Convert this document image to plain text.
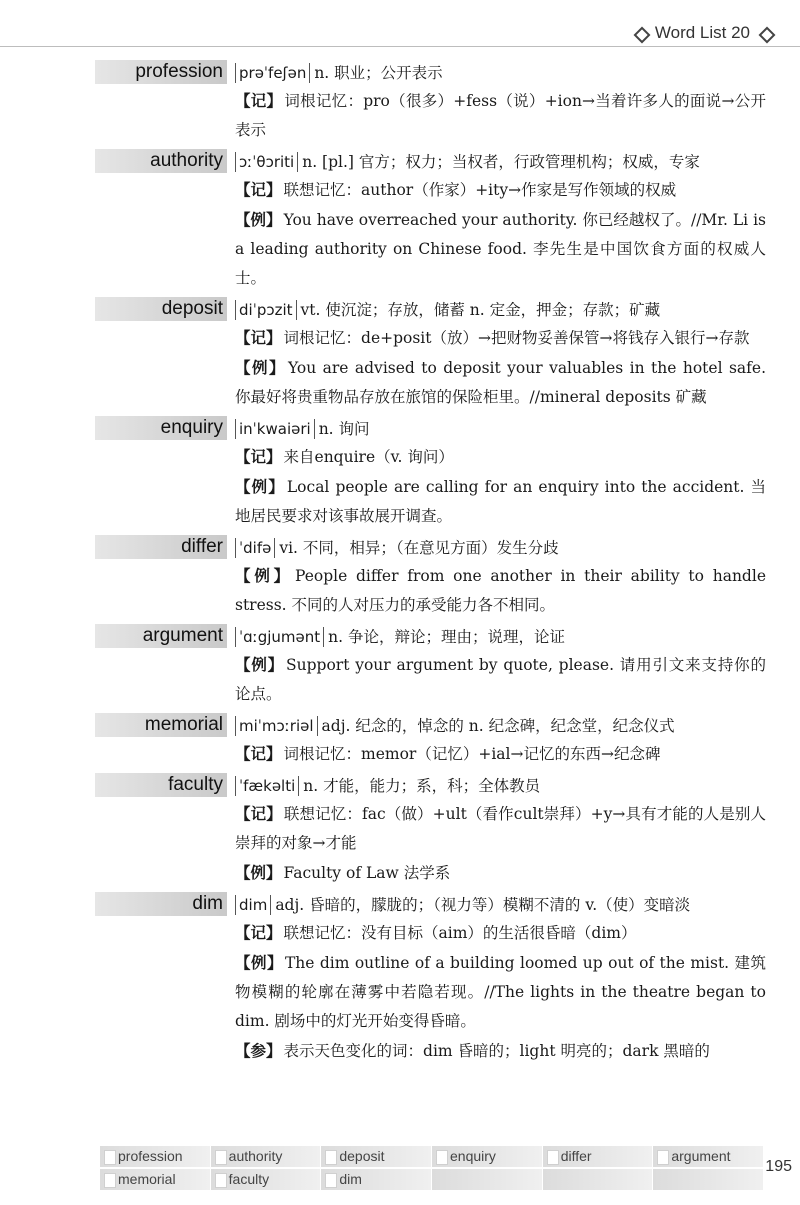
Word List 20
profession prəˈfeʃən n. 职业；公开表示
【记】 词根记忆：pro（很多）+fess（说）+ion→当着许多人的面说→公开表示
authority ɔːˈθɔriti n. [pl.] 官方；权力；当权者，行政管理机构；权威，专家
【记】 联想记忆：author（作家）+ity→作家是写作领域的权威
【例】 You have overreached your authority. 你已经越权了。//Mr. Li is a leading authority on Chinese food. 李先生是中国饮食方面的权威人士。
deposit diˈpɔzit vt. 使沉淀；存放，储蓄 n. 定金，押金；存款；矿藏
【记】 词根记忆：de+posit（放）→把财物妥善保管→将钱存入银行→存款
【例】 You are advised to deposit your valuables in the hotel safe. 你最好将贵重物品存放在旅馆的保险柜里。//mineral deposits 矿藏
enquiry inˈkwaiəri n. 询问
【记】 来自enquire（v. 询问）
【例】 Local people are calling for an enquiry into the accident. 当地居民要求对该事故展开调查。
differ ˈdifə vi. 不同，相异；（在意见方面）发生分歧
【例】 People differ from one another in their ability to handle stress. 不同的人对压力的承受能力各不相同。
argument ˈɑːgjumənt n. 争论，辩论；理由；说理，论证
【例】 Support your argument by quote, please. 请用引文来支持你的论点。
memorial miˈmɔːriəl adj. 纪念的，悼念的 n. 纪念碑，纪念堂，纪念仪式
【记】 词根记忆：memor（记忆）+ial→记忆的东西→纪念碑
faculty ˈfækəlti n. 才能，能力；系，科；全体教员
【记】 联想记忆：fac（做）+ult（看作cult崇拜）+y→具有才能的人是别人崇拜的对象→才能
【例】 Faculty of Law 法学系
dim dim adj. 昏暗的，朦胧的；（视力等）模糊不清的 v.（使）变暗淡
【记】 联想记忆：没有目标（aim）的生活很昏暗（dim）
【例】 The dim outline of a building loomed up out of the mist. 建筑物模糊的轮廓在薄雾中若隐若现。//The lights in the theatre began to dim. 剧场中的灯光开始变得昏暗。
【参】 表示天色变化的词：dim 昏暗的；light 明亮的；dark 黑暗的
profession	authority	deposit	enquiry	differ	argument
memorial	faculty	dim
195
